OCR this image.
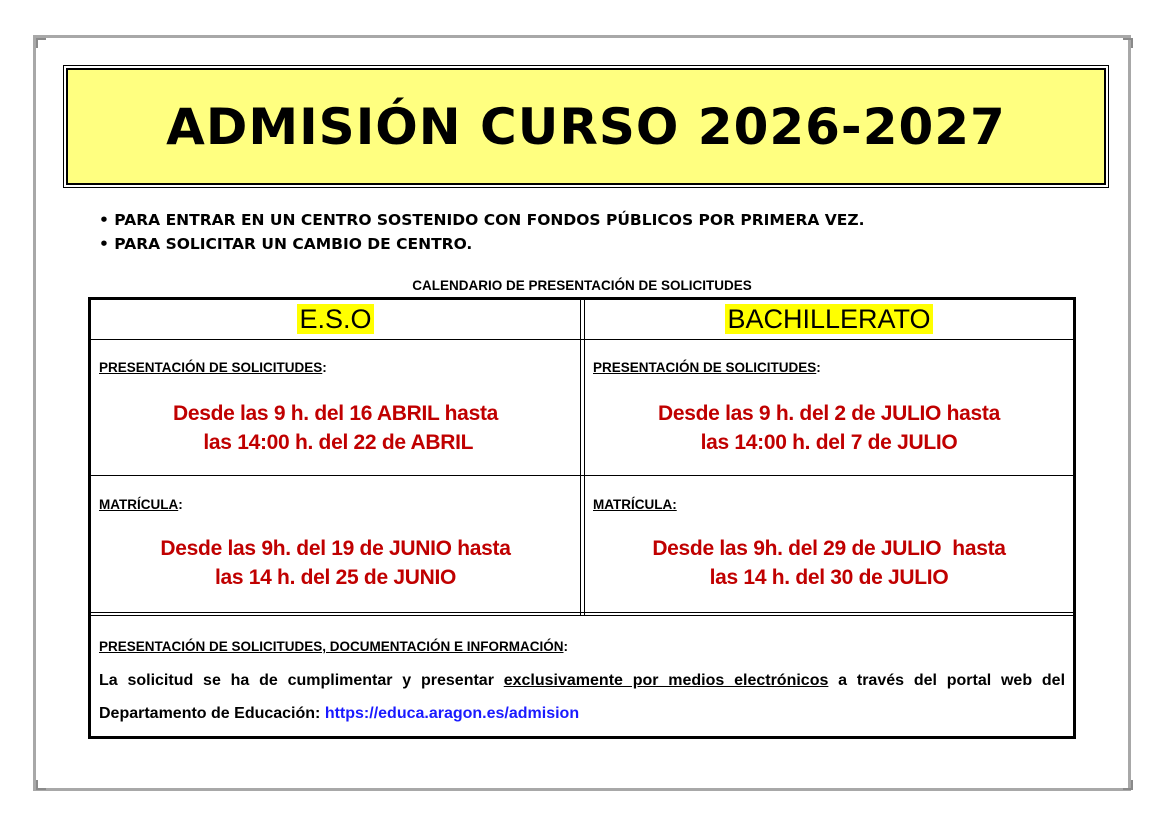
ADMISIÓN CURSO 2026-2027
• PARA ENTRAR EN UN CENTRO SOSTENIDO CON FONDOS PÚBLICOS POR PRIMERA VEZ.
• PARA SOLICITAR UN CAMBIO DE CENTRO.
CALENDARIO DE PRESENTACIÓN DE SOLICITUDES
E.S.O	BACHILLERATO
PRESENTACIÓN DE SOLICITUDES:
Desde las 9 h. del 16 ABRIL hasta
las 14:00 h. del 22 de ABRIL
PRESENTACIÓN DE SOLICITUDES:
Desde las 9 h. del 2 de JULIO hasta
las 14:00 h. del 7 de JULIO
MATRÍCULA:
Desde las 9h. del 19 de JUNIO hasta
las 14 h. del 25 de JUNIO
MATRÍCULA:
Desde las 9h. del 29 de JULIO  hasta
las 14 h. del 30 de JULIO
PRESENTACIÓN DE SOLICITUDES, DOCUMENTACIÓN E INFORMACIÓN:
La solicitud se ha de cumplimentar y presentar exclusivamente por medios electrónicos a través del portal web del Departamento de Educación: https://educa.aragon.es/admision
